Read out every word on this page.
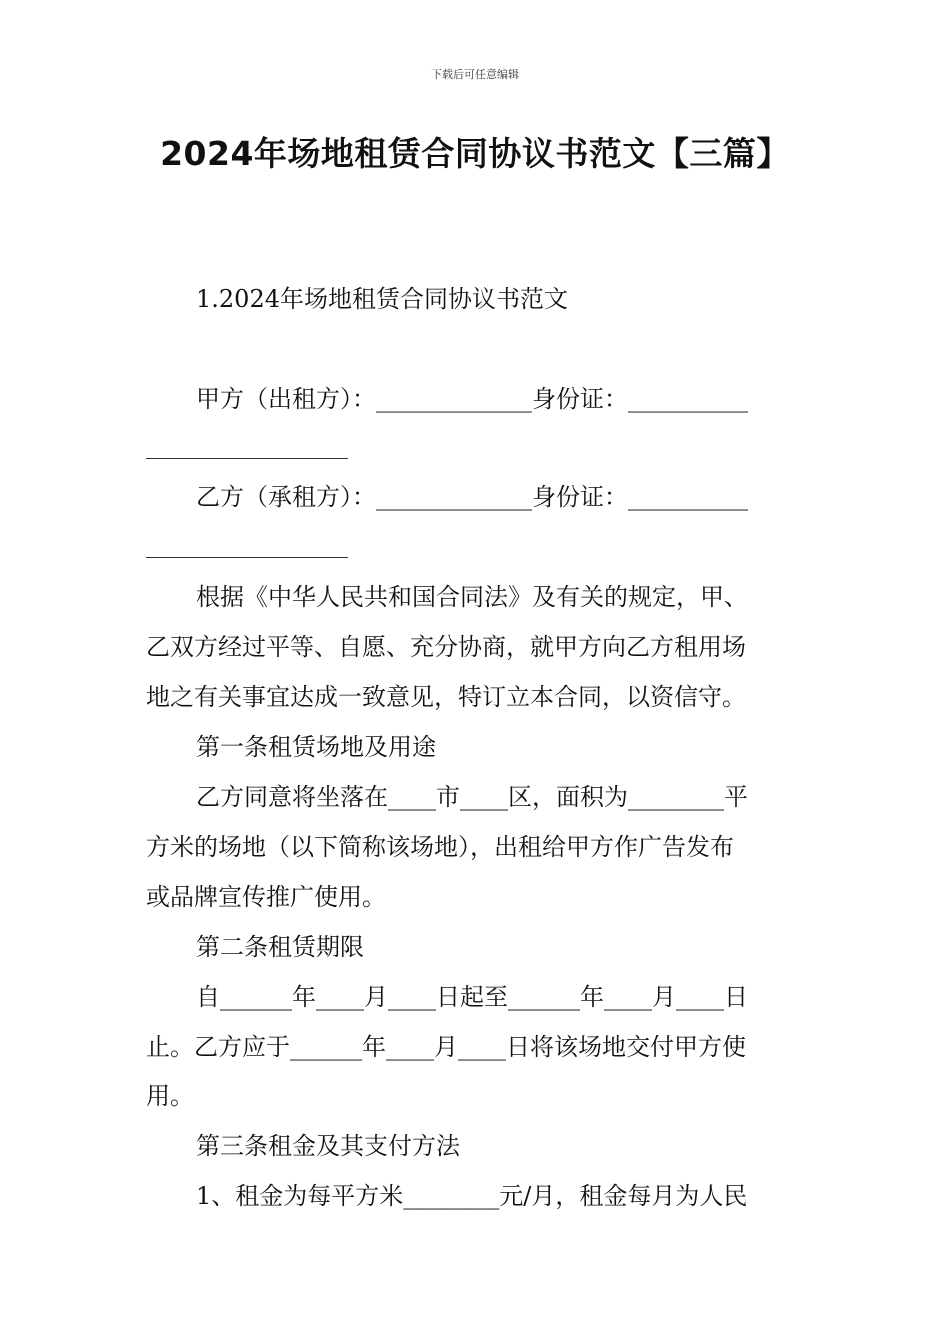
下载后可任意编辑
2024年场地租赁合同协议书范文【三篇】
1.2024年场地租赁合同协议书范文
甲方（出租方）：_____________身份证：__________
乙方（承租方）：_____________身份证：__________
根据《中华人民共和国合同法》及有关的规定，甲、
乙双方经过平等、自愿、充分协商，就甲方向乙方租用场
地之有关事宜达成一致意见，特订立本合同，以资信守。
第一条租赁场地及用途
乙方同意将坐落在____市____区，面积为________平
方米的场地（以下简称该场地），出租给甲方作广告发布
或品牌宣传推广使用。
第二条租赁期限
自______年____月____日起至______年____月____日
止。乙方应于______年____月____日将该场地交付甲方使
用。
第三条租金及其支付方法
1、租金为每平方米________元/月，租金每月为人民
